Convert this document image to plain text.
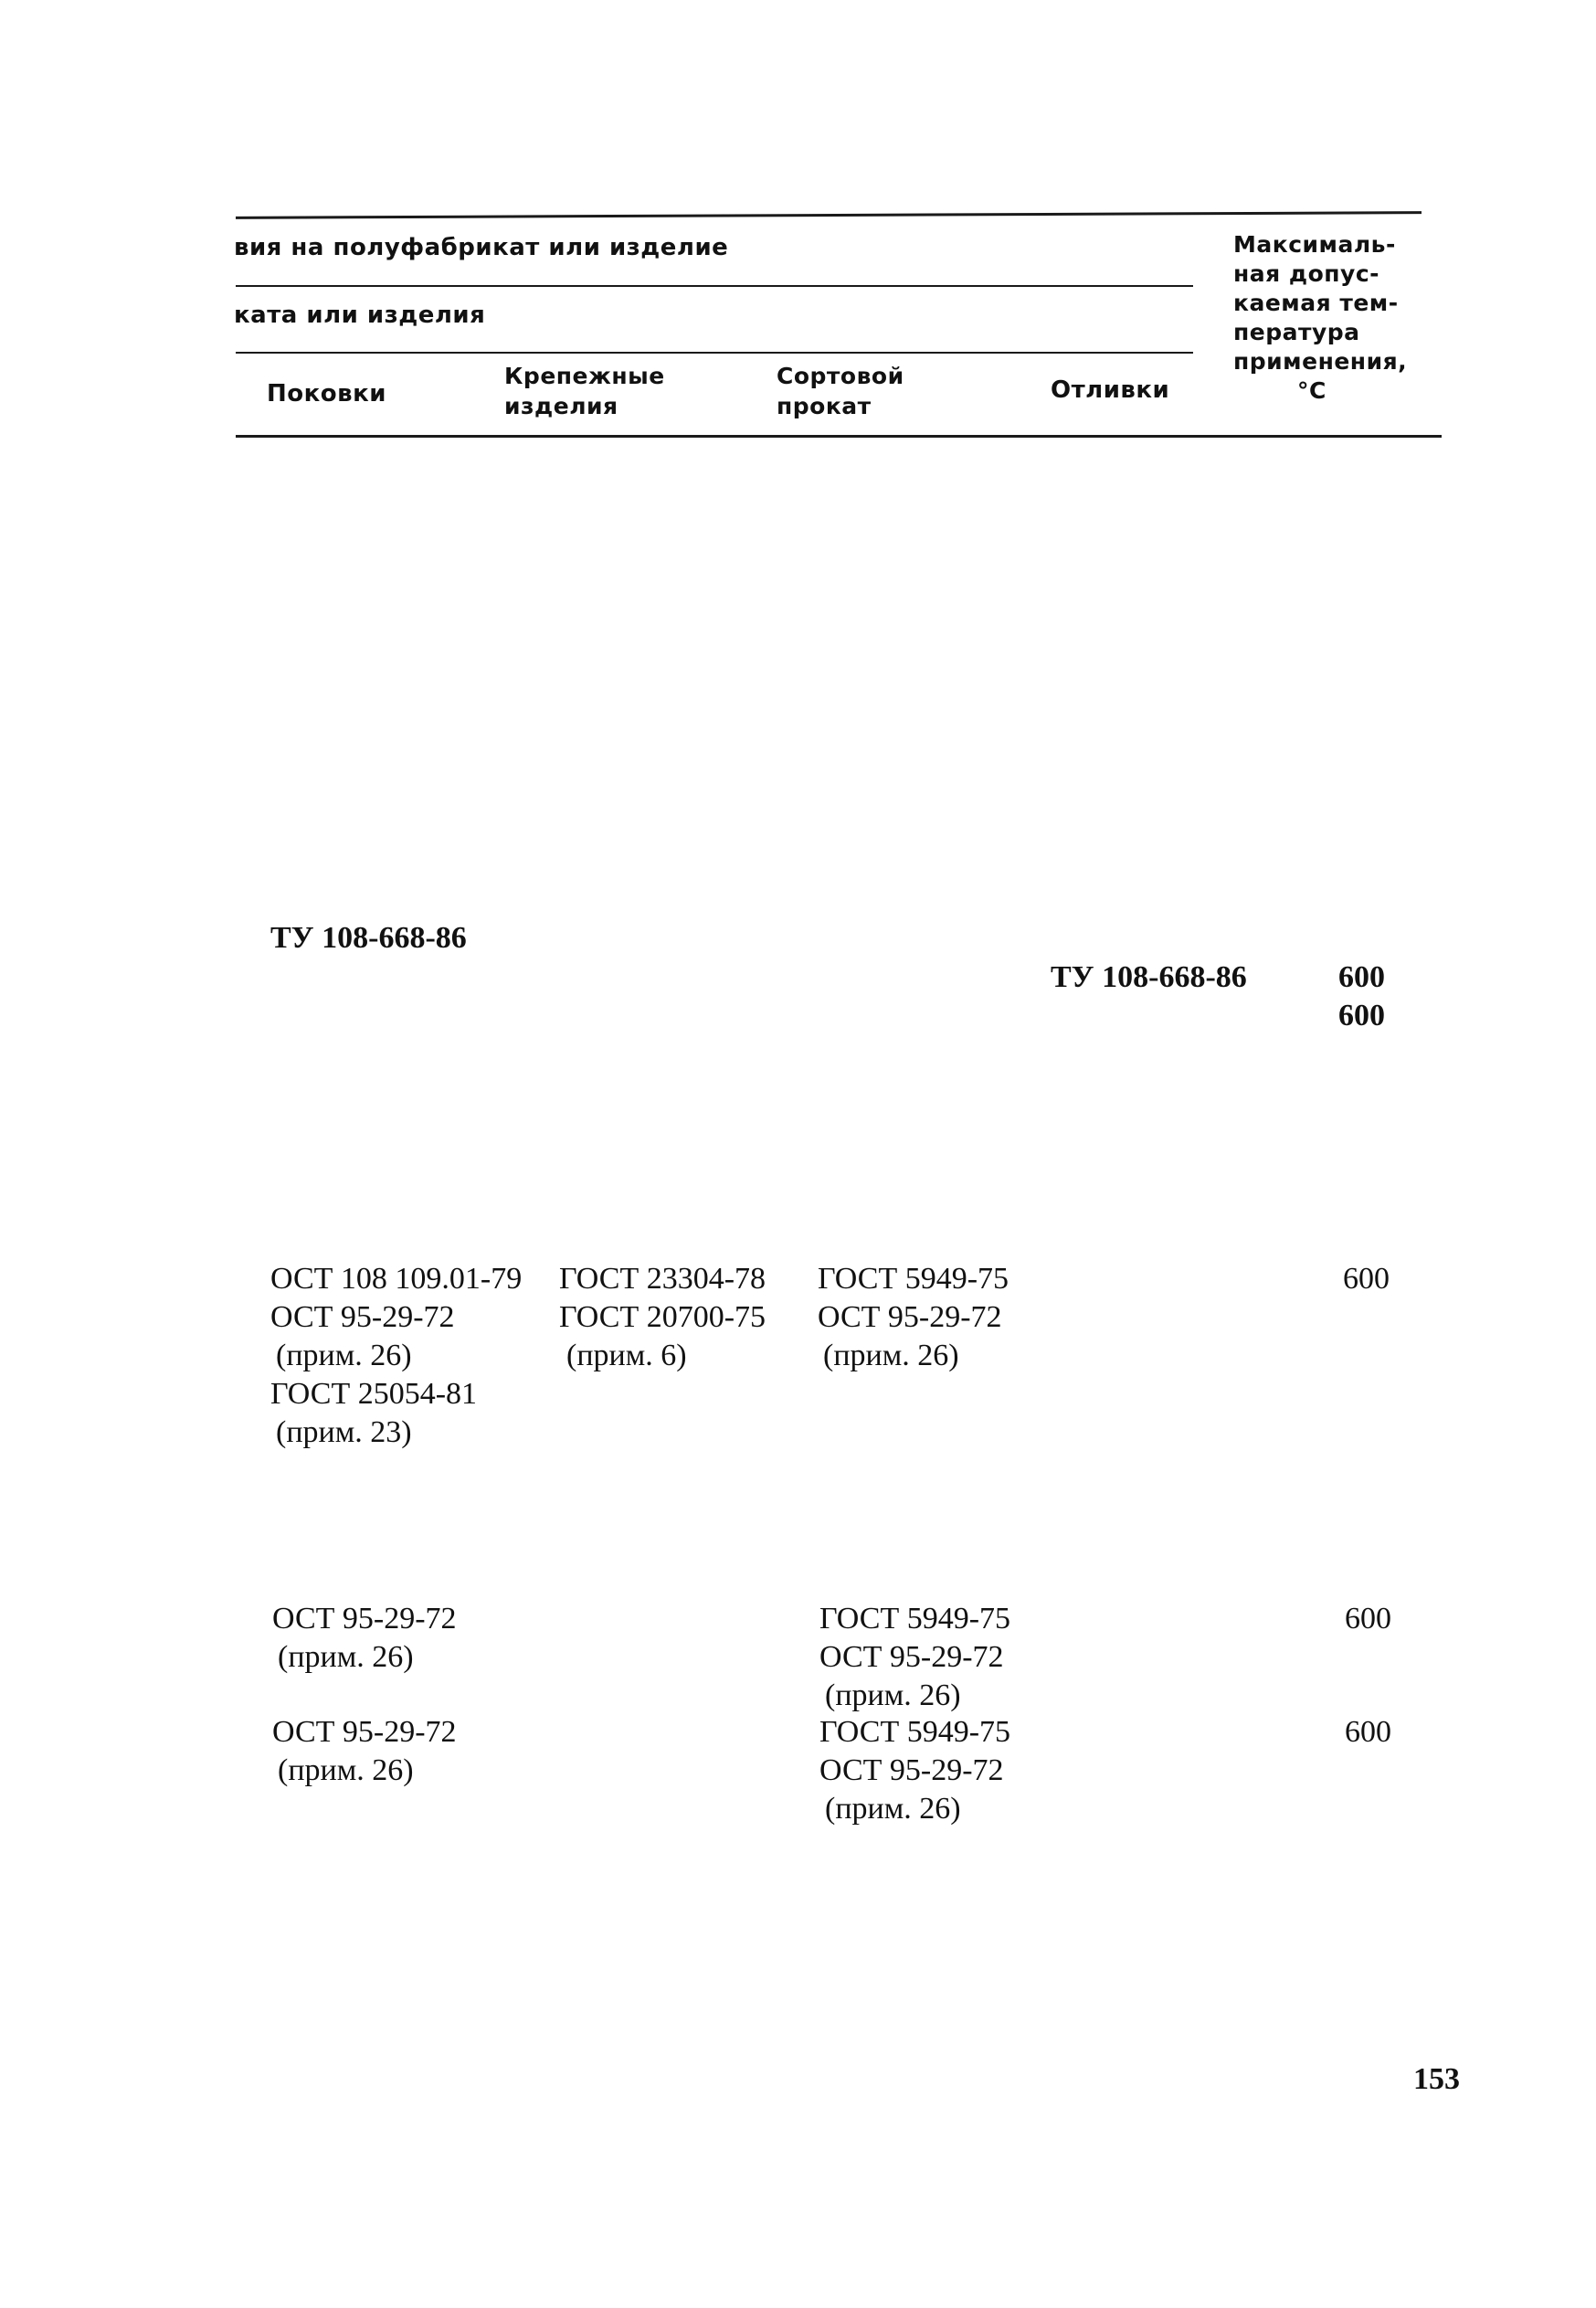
вия на полуфабрикат или изделие
ката или изделия
Поковки
Крепежные
изделия
Сортовой
прокат
Отливки
Максималь-
ная допус-
каемая тем-
пература
применения,
°С
ТУ 108-668-86
ТУ 108-668-86	600
600
ОСТ 108 109.01-79
ОСТ 95-29-72
(прим. 26)
ГОСТ 25054-81
(прим. 23)
ГОСТ 23304-78
ГОСТ 20700-75
(прим. 6)
ГОСТ 5949-75
ОСТ 95-29-72
(прим. 26)
600
ОСТ 95-29-72
(прим. 26)
ГОСТ 5949-75
ОСТ 95-29-72
(прим. 26)
600
ОСТ 95-29-72
(прим. 26)
ГОСТ 5949-75
ОСТ 95-29-72
(прим. 26)
600
153
